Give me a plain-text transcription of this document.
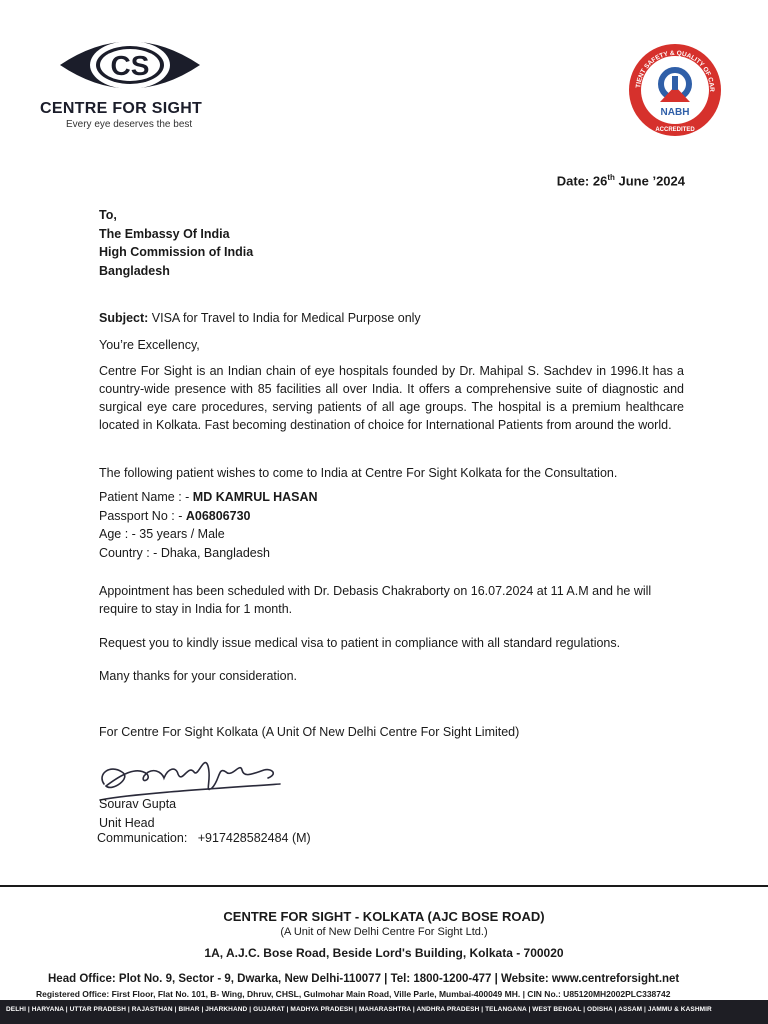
CS
CENTRE FOR SIGHT
Every eye deserves the best
TIENT SAFETY & QUALITY OF CAR
NABH
ACCREDITED
Date: 26th June ’2024
To,
The Embassy Of India
High Commission of India
Bangladesh
Subject: VISA for Travel to India for Medical Purpose only
You’re Excellency,
Centre For Sight is an Indian chain of eye hospitals founded by Dr. Mahipal S. Sachdev in 1996.It has a country-wide presence with 85 facilities all over India. It offers a comprehensive suite of diagnostic and surgical eye care procedures, serving patients of all age groups. The hospital is a premium healthcare located in Kolkata. Fast becoming destination of choice for International Patients from around the world.
The following patient wishes to come to India at Centre For Sight Kolkata for the Consultation.
Patient Name : - MD KAMRUL HASAN
Passport No : - A06806730
Age : - 35 years / Male
Country : - Dhaka, Bangladesh
Appointment has been scheduled with Dr. Debasis Chakraborty on 16.07.2024 at 11 A.M and he will require to stay in India for 1 month.
Request you to kindly issue medical visa to patient in compliance with all standard regulations.
Many thanks for your consideration.
For Centre For Sight Kolkata (A Unit Of New Delhi Centre For Sight Limited)
Sourav Gupta
Unit Head
Communication: +917428582484 (M)
CENTRE FOR SIGHT - KOLKATA (AJC BOSE ROAD)
(A Unit of New Delhi Centre For Sight Ltd.)
1A, A.J.C. Bose Road, Beside Lord's Building, Kolkata - 700020
Head Office: Plot No. 9, Sector - 9, Dwarka, New Delhi-110077 | Tel: 1800-1200-477 | Website: www.centreforsight.net
Registered Office: First Floor, Flat No. 101, B- Wing, Dhruv, CHSL, Gulmohar Main Road, Ville Parle, Mumbai-400049 MH. | CIN No.: U85120MH2002PLC338742
DELHI | HARYANA | UTTAR PRADESH | RAJASTHAN | BIHAR | JHARKHAND | GUJARAT | MADHYA PRADESH | MAHARASHTRA | ANDHRA PRADESH | TELANGANA | WEST BENGAL | ODISHA | ASSAM | JAMMU & KASHMIR
